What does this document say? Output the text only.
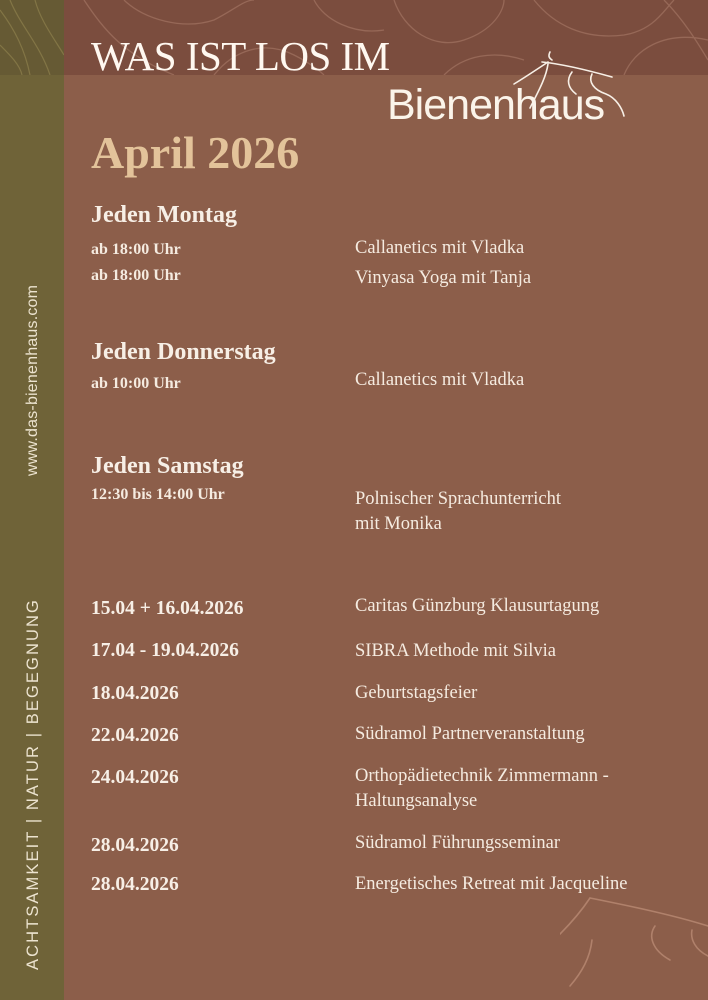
www.das-bienenhaus.com
ACHTSAMKEIT | NATUR | BEGEGNUNG
WAS IST LOS IM
Bienenhaus
April 2026
Jeden Montag
ab 18:00 Uhr	Callanetics mit Vladka
ab 18:00 Uhr	Vinyasa Yoga mit Tanja
Jeden Donnerstag
ab 10:00 Uhr	Callanetics mit Vladka
Jeden Samstag
12:30 bis 14:00 Uhr	Polnischer Sprachunterricht
mit Monika
15.04 + 16.04.2026	Caritas Günzburg Klausurtagung
17.04 - 19.04.2026	SIBRA Methode mit Silvia
18.04.2026	Geburtstagsfeier
22.04.2026	Südramol Partnerveranstaltung
24.04.2026	Orthopädietechnik Zimmermann -
Haltungsanalyse
28.04.2026	Südramol Führungsseminar
28.04.2026	Energetisches Retreat mit Jacqueline
